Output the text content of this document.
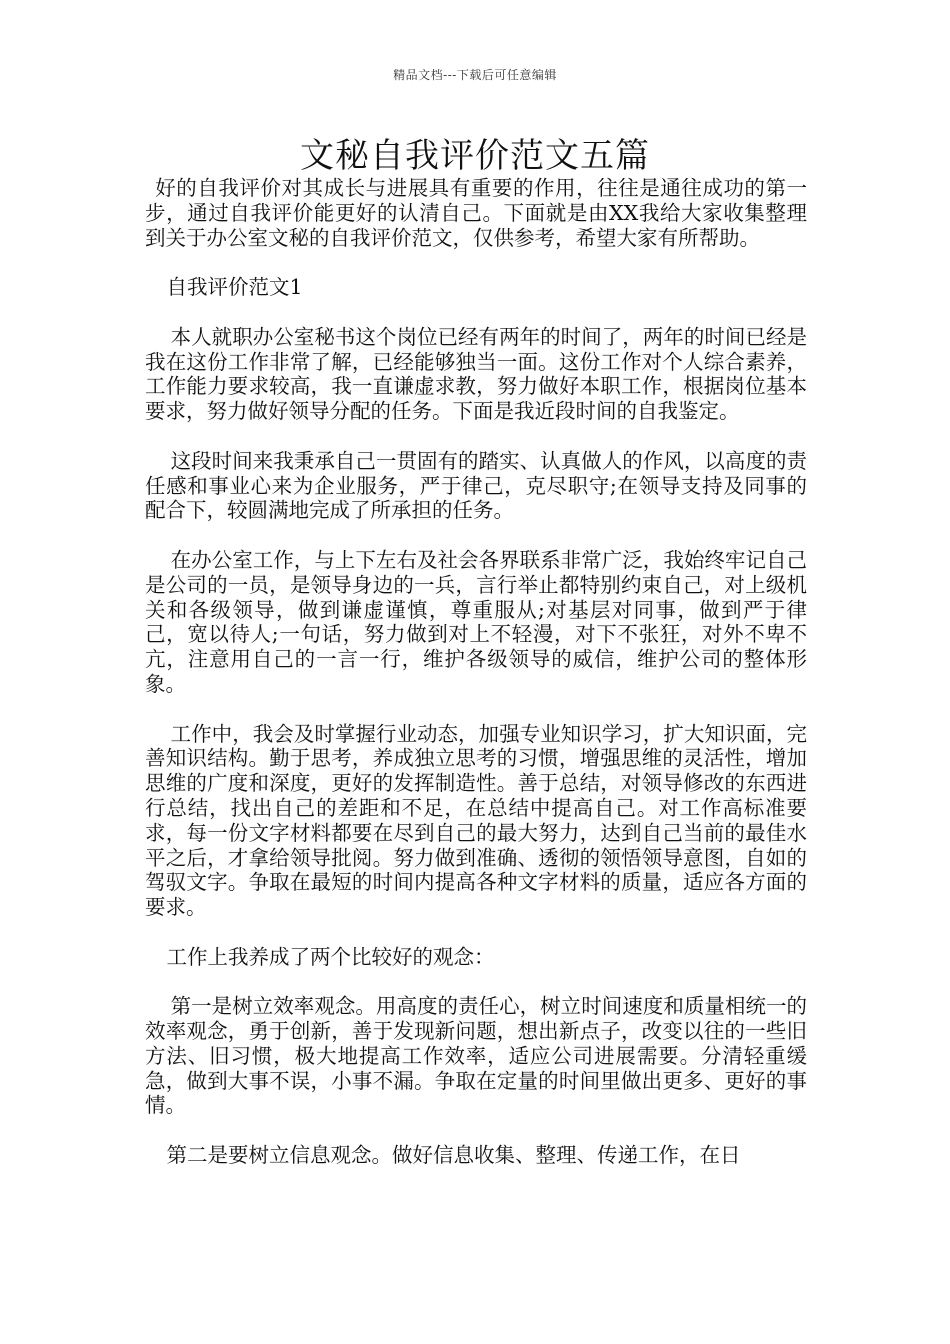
精品文档---下载后可任意编辑
文秘自我评价范文五篇

好的自我评价对其成长与进展具有重要的作用，往往是通往成功的第一步，通过自我评价能更好的认清自己。下面就是由XX我给大家收集整理到关于办公室文秘的自我评价范文，仅供参考，希望大家有所帮助。

自我评价范文1

本人就职办公室秘书这个岗位已经有两年的时间了，两年的时间已经是我在这份工作非常了解，已经能够独当一面。这份工作对个人综合素养，工作能力要求较高，我一直谦虚求教，努力做好本职工作，根据岗位基本要求，努力做好领导分配的任务。下面是我近段时间的自我鉴定。

这段时间来我秉承自己一贯固有的踏实、认真做人的作风，以高度的责任感和事业心来为企业服务，严于律己，克尽职守;在领导支持及同事的配合下，较圆满地完成了所承担的任务。

在办公室工作，与上下左右及社会各界联系非常广泛，我始终牢记自己是公司的一员，是领导身边的一兵，言行举止都特别约束自己，对上级机关和各级领导，做到谦虚谨慎，尊重服从;对基层对同事，做到严于律己，宽以待人;一句话，努力做到对上不轻漫，对下不张狂，对外不卑不亢，注意用自己的一言一行，维护各级领导的威信，维护公司的整体形象。

工作中，我会及时掌握行业动态，加强专业知识学习，扩大知识面，完善知识结构。勤于思考，养成独立思考的习惯，增强思维的灵活性，增加思维的广度和深度，更好的发挥制造性。善于总结，对领导修改的东西进行总结，找出自己的差距和不足，在总结中提高自己。对工作高标准要求，每一份文字材料都要在尽到自己的最大努力，达到自己当前的最佳水平之后，才拿给领导批阅。努力做到准确、透彻的领悟领导意图，自如的驾驭文字。争取在最短的时间内提高各种文字材料的质量，适应各方面的要求。

工作上我养成了两个比较好的观念：

第一是树立效率观念。用高度的责任心，树立时间速度和质量相统一的效率观念，勇于创新，善于发现新问题，想出新点子，改变以往的一些旧方法、旧习惯，极大地提高工作效率，适应公司进展需要。分清轻重缓急，做到大事不误，小事不漏。争取在定量的时间里做出更多、更好的事情。

第二是要树立信息观念。做好信息收集、整理、传递工作，在日
